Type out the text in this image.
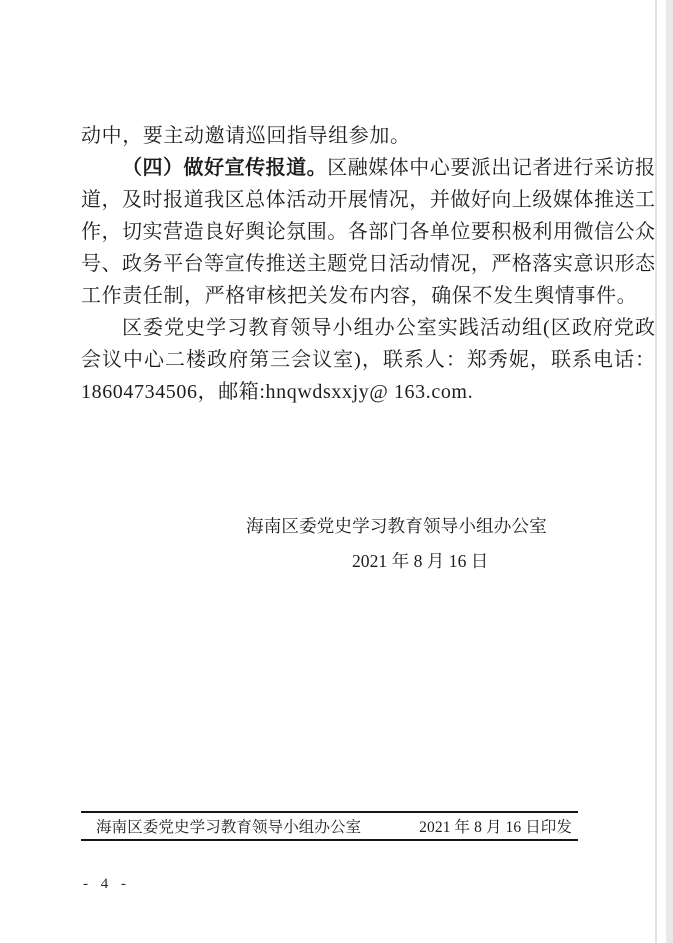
动中，要主动邀请巡回指导组参加。
（四）做好宣传报道。区融媒体中心要派出记者进行采访报
道，及时报道我区总体活动开展情况，并做好向上级媒体推送工
作，切实营造良好舆论氛围。各部门各单位要积极利用微信公众
号、政务平台等宣传推送主题党日活动情况，严格落实意识形态
工作责任制，严格审核把关发布内容，确保不发生舆情事件。
区委党史学习教育领导小组办公室实践活动组(区政府党政
会议中心二楼政府第三会议室)，联系人：郑秀妮，联系电话：
18604734506，邮箱:hnqwdsxxjy@ 163.com.
海南区委党史学习教育领导小组办公室
2021 年 8 月 16 日
海南区委党史学习教育领导小组办公室	2021 年 8 月 16 日印发
- 4 -
